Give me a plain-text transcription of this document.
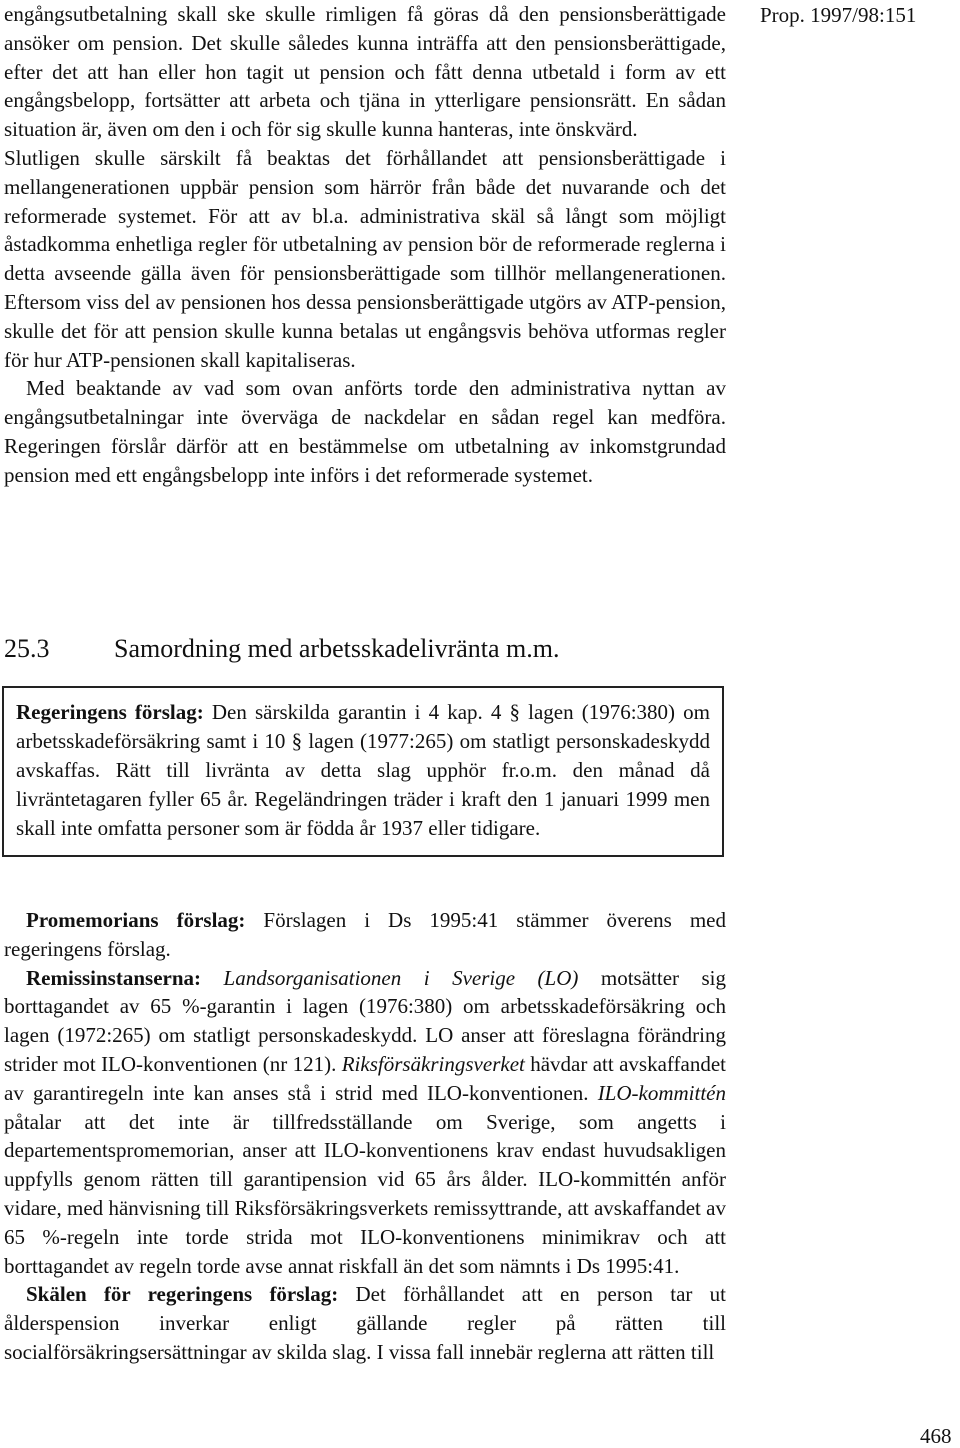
Prop. 1997/98:151

engångsutbetalning skall ske skulle rimligen få göras då den pensionsberättigade ansöker om pension. Det skulle således kunna inträffa att den pensionsberättigade, efter det att han eller hon tagit ut pension och fått denna utbetald i form av ett engångsbelopp, fortsätter att arbeta och tjäna in ytterligare pensionsrätt. En sådan situation är, även om den i och för sig skulle kunna hanteras, inte önskvärd.

Slutligen skulle särskilt få beaktas det förhållandet att pensionsberättigade i mellangenerationen uppbär pension som härrör från både det nuvarande och det reformerade systemet. För att av bl.a. administrativa skäl så långt som möjligt åstadkomma enhetliga regler för utbetalning av pension bör de reformerade reglerna i detta avseende gälla även för pensionsberättigade som tillhör mellangenerationen. Eftersom viss del av pensionen hos dessa pensionsberättigade utgörs av ATP-pension, skulle det för att pension skulle kunna betalas ut engångsvis behöva utformas regler för hur ATP-pensionen skall kapitaliseras.

Med beaktande av vad som ovan anförts torde den administrativa nyttan av engångsutbetalningar inte överväga de nackdelar en sådan regel kan medföra. Regeringen förslår därför att en bestämmelse om utbetalning av inkomstgrundad pension med ett engångsbelopp inte införs i det reformerade systemet.

25.3	Samordning med arbetsskadelivränta m.m.

Regeringens förslag: Den särskilda garantin i 4 kap. 4 § lagen (1976:380) om arbetsskadeförsäkring samt i 10 § lagen (1977:265) om statligt personskadeskydd avskaffas. Rätt till livränta av detta slag upphör fr.o.m. den månad då livräntetagaren fyller 65 år. Regeländringen träder i kraft den 1 januari 1999 men skall inte omfatta personer som är födda år 1937 eller tidigare.

Promemorians förslag: Förslagen i Ds 1995:41 stämmer överens med regeringens förslag.

Remissinstanserna: Landsorganisationen i Sverige (LO) motsätter sig borttagandet av 65 %-garantin i lagen (1976:380) om arbetsskadeförsäkring och lagen (1972:265) om statligt personskadeskydd. LO anser att föreslagna förändring strider mot ILO-konventionen (nr 121). Riksförsäkringsverket hävdar att avskaffandet av garantiregeln inte kan anses stå i strid med ILO-konventionen. ILO-kommittén påtalar att det inte är tillfredsställande om Sverige, som angetts i departementspromemorian, anser att ILO-konventionens krav endast huvudsakligen uppfylls genom rätten till garantipension vid 65 års ålder. ILO-kommittén anför vidare, med hänvisning till Riksförsäkringsverkets remissyttrande, att avskaffandet av 65 %-regeln inte torde strida mot ILO-konventionens minimikrav och att borttagandet av regeln torde avse annat riskfall än det som nämnts i Ds 1995:41.

Skälen för regeringens förslag: Det förhållandet att en person tar ut ålderspension inverkar enligt gällande regler på rätten till socialförsäkringsersättningar av skilda slag. I vissa fall innebär reglerna att rätten till

468
